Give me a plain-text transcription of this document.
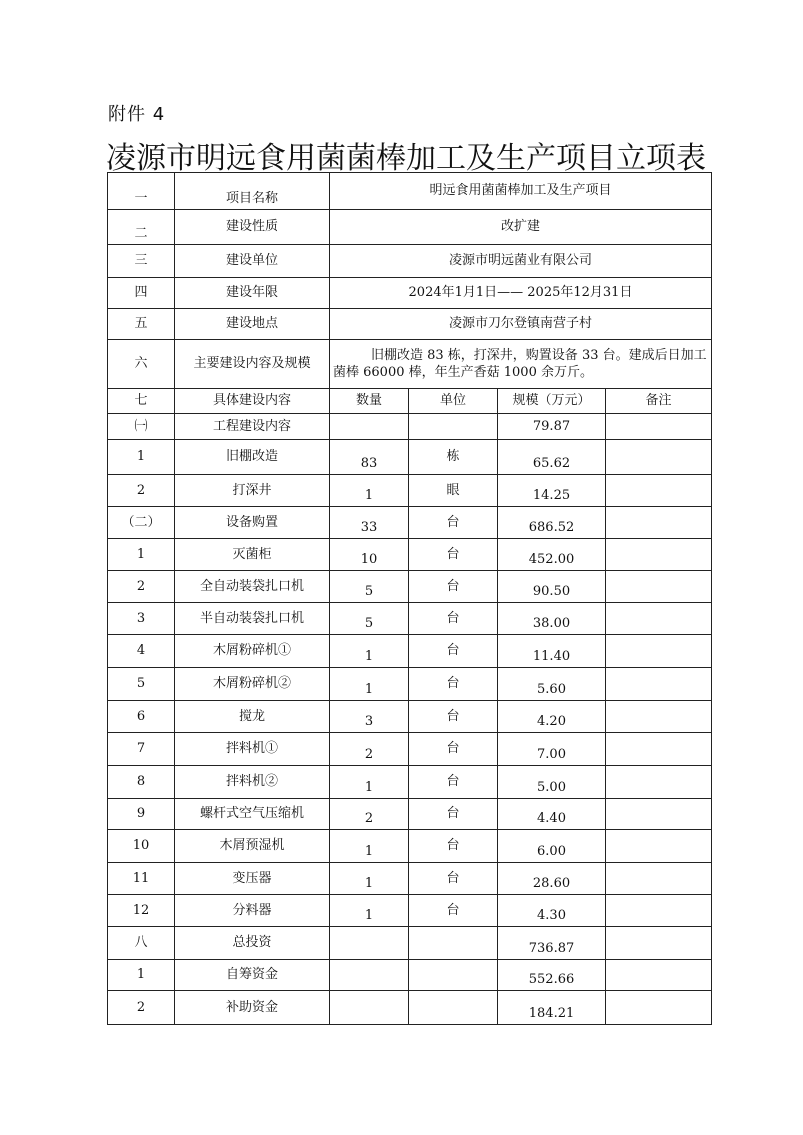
附件 4
凌源市明远食用菌菌棒加工及生产项目立项表
一	项目名称	明远食用菌菌棒加工及生产项目			
二	建设性质	改扩建			
三	建设单位	凌源市明远菌业有限公司			
四	建设年限	2024年1月1日—— 2025年12月31日			
五	建设地点	凌源市刀尔登镇南营子村			
六	主要建设内容及规模	旧棚改造 83 栋，打深井，购置设备 33 台。建成后日加工
菌棒 66000 棒，年生产香菇 1000 余万斤。			

七	具体建设内容	数量	单位	规模（万元）	备注
㈠	工程建设内容			79.87	
1	旧棚改造	83	栋	65.62	
2	打深井	1	眼	14.25	
（二）	设备购置	33	台	686.52	
1	灭菌柜	10	台	452.00	
2	全自动装袋扎口机	5	台	90.50	
3	半自动装袋扎口机	5	台	38.00	
4	木屑粉碎机①	1	台	11.40	
5	木屑粉碎机②	1	台	5.60	
6	搅龙	3	台	4.20	
7	拌料机①	2	台	7.00	
8	拌料机②	1	台	5.00	
9	螺杆式空气压缩机	2	台	4.40	
10	木屑预湿机	1	台	6.00	
11	变压器	1	台	28.60	
12	分料器	1	台	4.30	
八	总投资			736.87	
1	自筹资金			552.66	
2	补助资金			184.21	
